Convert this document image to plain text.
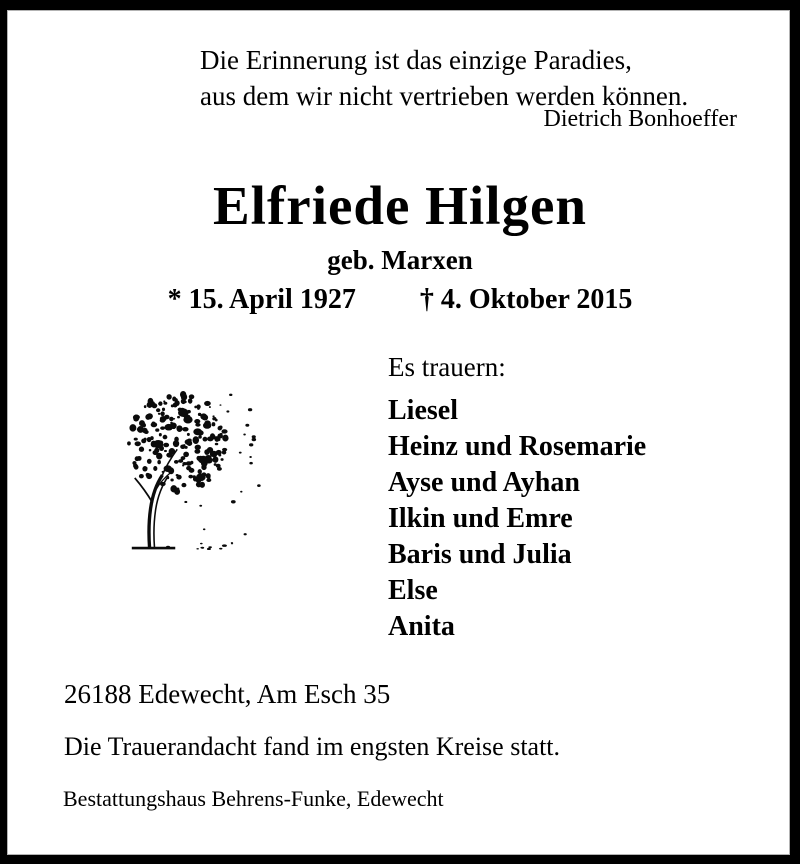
Die Erinnerung ist das einzige Paradies,
aus dem wir nicht vertrieben werden können.
Dietrich Bonhoeffer
Elfriede Hilgen
geb. Marxen
* 15. April 1927 † 4. Oktober 2015
Es trauern:
Liesel
Heinz und Rosemarie
Ayse und Ayhan
Ilkin und Emre
Baris und Julia
Else
Anita
26188 Edewecht, Am Esch 35
Die Trauerandacht fand im engsten Kreise statt.
Bestattungshaus Behrens-Funke, Edewecht
